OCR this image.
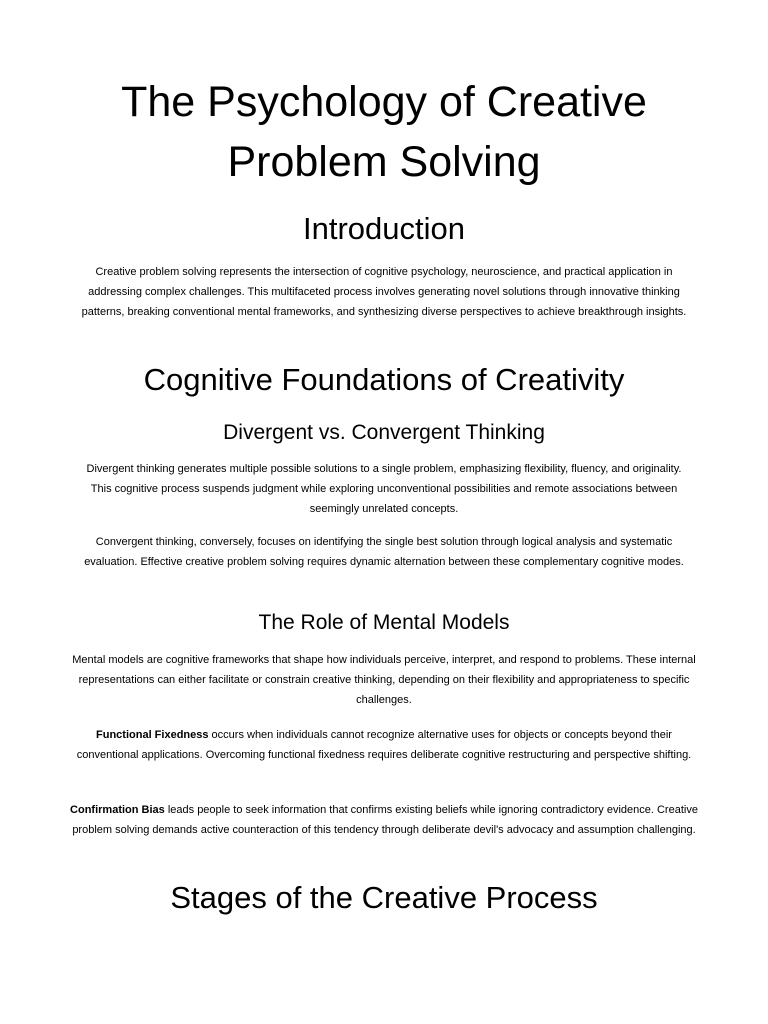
The Psychology of Creative Problem Solving
Introduction

Creative problem solving represents the intersection of cognitive psychology, neuroscience, and practical application in addressing complex challenges. This multifaceted process involves generating novel solutions through innovative thinking patterns, breaking conventional mental frameworks, and synthesizing diverse perspectives to achieve breakthrough insights.

Cognitive Foundations of Creativity
Divergent vs. Convergent Thinking

Divergent thinking generates multiple possible solutions to a single problem, emphasizing flexibility, fluency, and originality. This cognitive process suspends judgment while exploring unconventional possibilities and remote associations between seemingly unrelated concepts.

Convergent thinking, conversely, focuses on identifying the single best solution through logical analysis and systematic evaluation. Effective creative problem solving requires dynamic alternation between these complementary cognitive modes.

The Role of Mental Models

Mental models are cognitive frameworks that shape how individuals perceive, interpret, and respond to problems. These internal representations can either facilitate or constrain creative thinking, depending on their flexibility and appropriateness to specific challenges.

Functional Fixedness occurs when individuals cannot recognize alternative uses for objects or concepts beyond their conventional applications. Overcoming functional fixedness requires deliberate cognitive restructuring and perspective shifting.

Confirmation Bias leads people to seek information that confirms existing beliefs while ignoring contradictory evidence. Creative problem solving demands active counteraction of this tendency through deliberate devil's advocacy and assumption challenging.

Stages of the Creative Process
